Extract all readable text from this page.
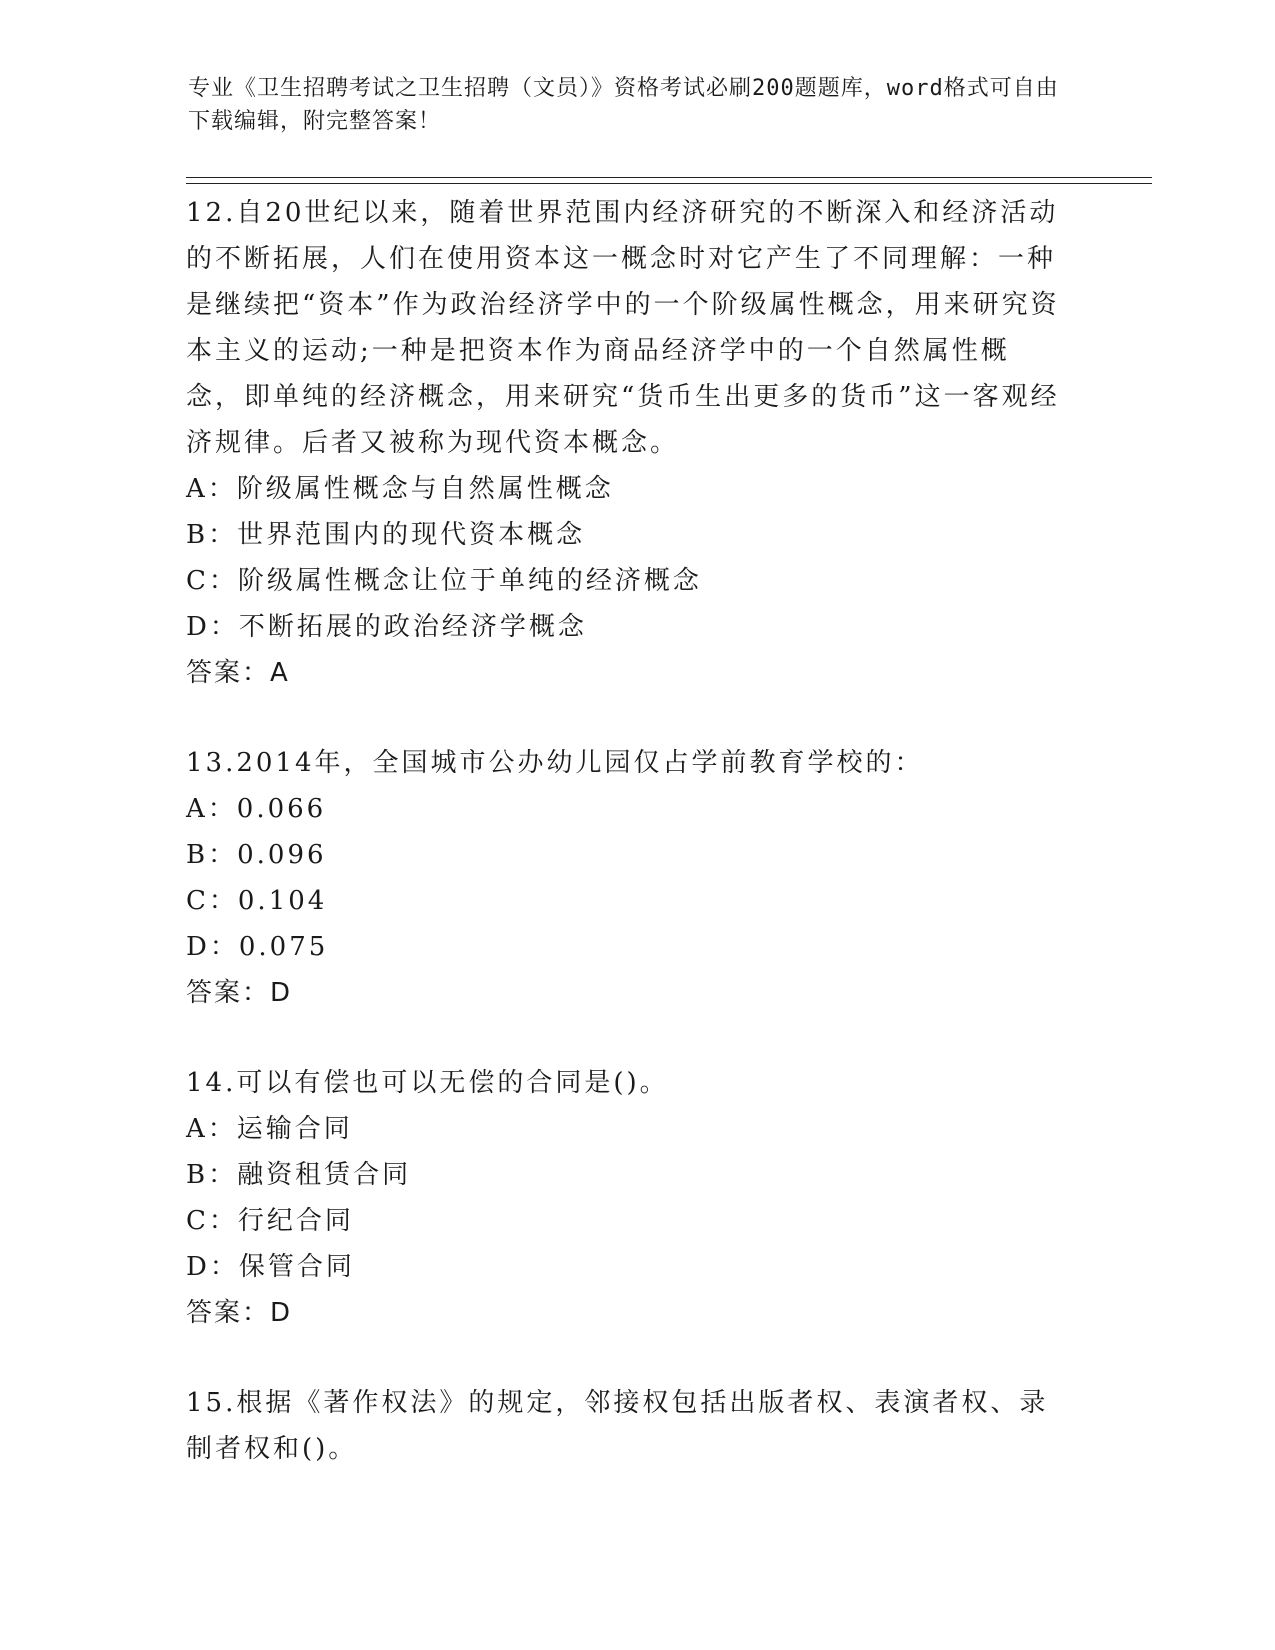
专业《卫生招聘考试之卫生招聘（文员）》资格考试必刷200题题库，word格式可自由下载编辑，附完整答案！

12.自20世纪以来，随着世界范围内经济研究的不断深入和经济活动的不断拓展，人们在使用资本这一概念时对它产生了不同理解：一种是继续把“资本”作为政治经济学中的一个阶级属性概念，用来研究资本主义的运动;一种是把资本作为商品经济学中的一个自然属性概念，即单纯的经济概念，用来研究“货币生出更多的货币”这一客观经济规律。后者又被称为现代资本概念。

A：阶级属性概念与自然属性概念

B：世界范围内的现代资本概念

C：阶级属性概念让位于单纯的经济概念

D：不断拓展的政治经济学概念

答案：A

13.2014年，全国城市公办幼儿园仅占学前教育学校的：

A：0.066

B：0.096

C：0.104

D：0.075

答案：D

14.可以有偿也可以无偿的合同是()。

A：运输合同

B：融资租赁合同

C：行纪合同

D：保管合同

答案：D

15.根据《著作权法》的规定，邻接权包括出版者权、表演者权、录制者权和()。
